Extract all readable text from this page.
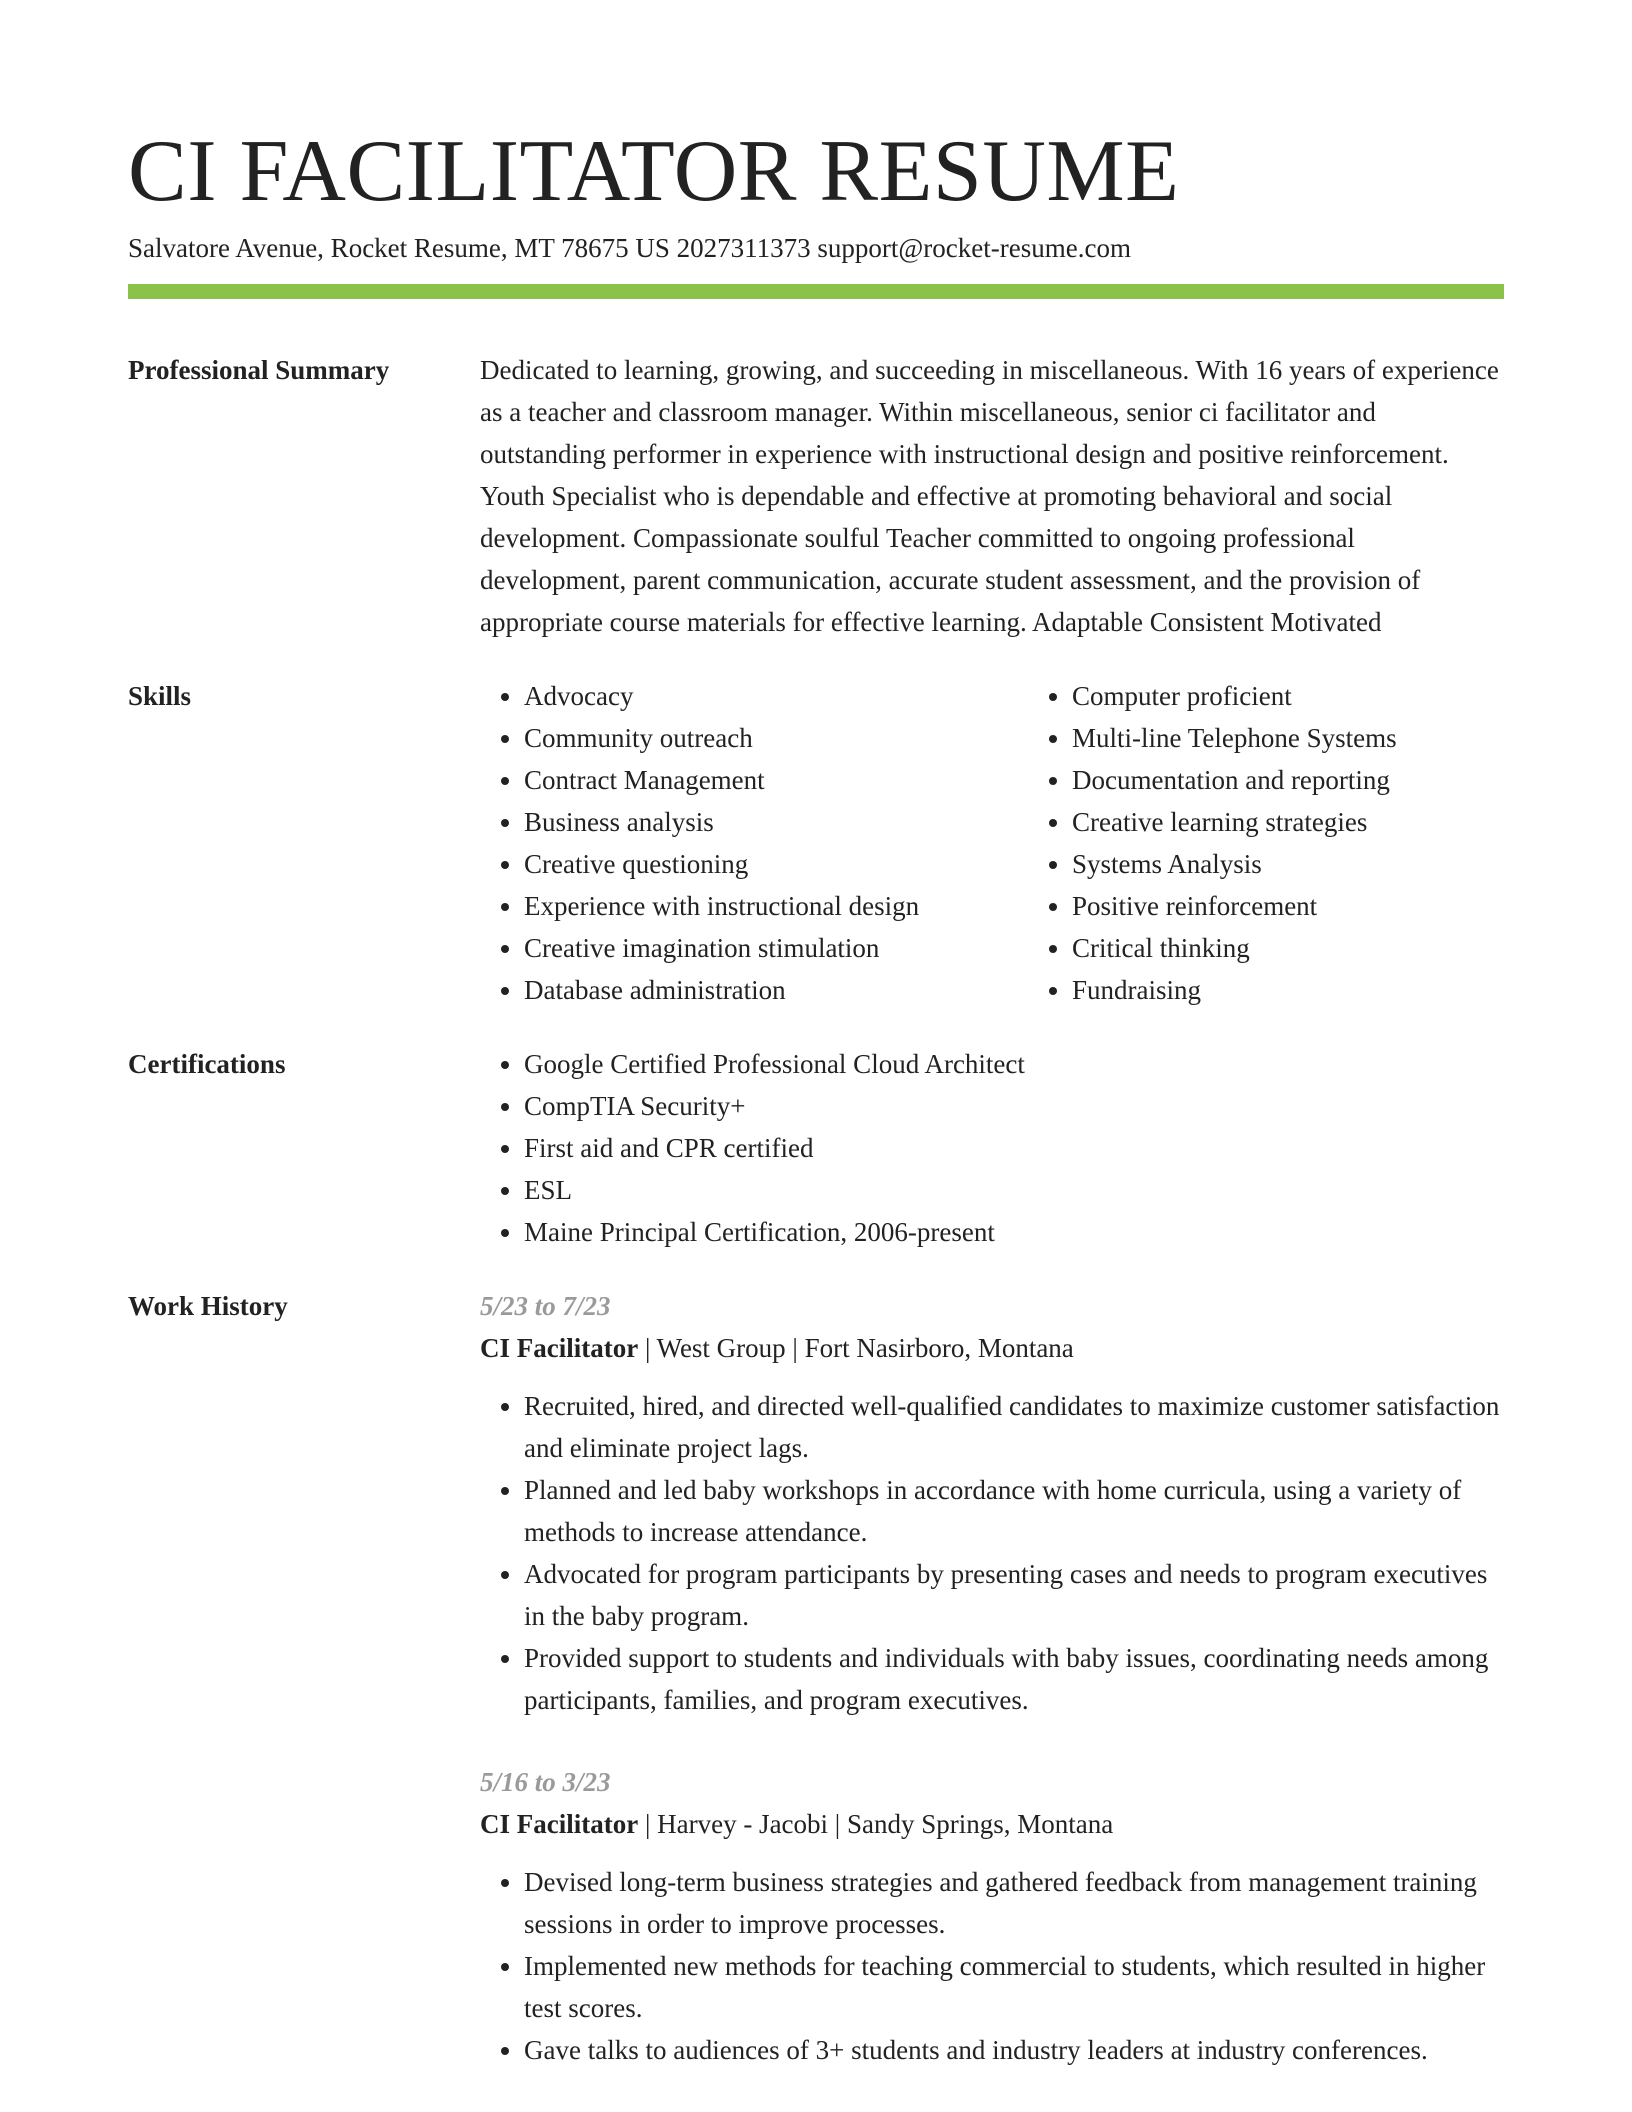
CI FACILITATOR RESUME
Salvatore Avenue, Rocket Resume, MT 78675 US 2027311373 support@rocket-resume.com
Professional Summary	Dedicated to learning, growing, and succeeding in miscellaneous. With 16 years of experience as a teacher and classroom manager. Within miscellaneous, senior ci facilitator and outstanding performer in experience with instructional design and positive reinforcement. Youth Specialist who is dependable and effective at promoting behavioral and social development. Compassionate soulful Teacher committed to ongoing professional development, parent communication, accurate student assessment, and the provision of appropriate course materials for effective learning. Adaptable Consistent Motivated
Skills	• Advocacy
• Community outreach
• Contract Management
• Business analysis
• Creative questioning
• Experience with instructional design
• Creative imagination stimulation
• Database administration
• Computer proficient
• Multi-line Telephone Systems
• Documentation and reporting
• Creative learning strategies
• Systems Analysis
• Positive reinforcement
• Critical thinking
• Fundraising
Certifications	• Google Certified Professional Cloud Architect
• CompTIA Security+
• First aid and CPR certified
• ESL
• Maine Principal Certification, 2006-present
Work History	5/23 to 7/23
CI Facilitator | West Group | Fort Nasirboro, Montana
• Recruited, hired, and directed well-qualified candidates to maximize customer satisfaction and eliminate project lags.
• Planned and led baby workshops in accordance with home curricula, using a variety of methods to increase attendance.
• Advocated for program participants by presenting cases and needs to program executives in the baby program.
• Provided support to students and individuals with baby issues, coordinating needs among participants, families, and program executives.
5/16 to 3/23
CI Facilitator | Harvey - Jacobi | Sandy Springs, Montana
• Devised long-term business strategies and gathered feedback from management training sessions in order to improve processes.
• Implemented new methods for teaching commercial to students, which resulted in higher test scores.
• Gave talks to audiences of 3+ students and industry leaders at industry conferences.
